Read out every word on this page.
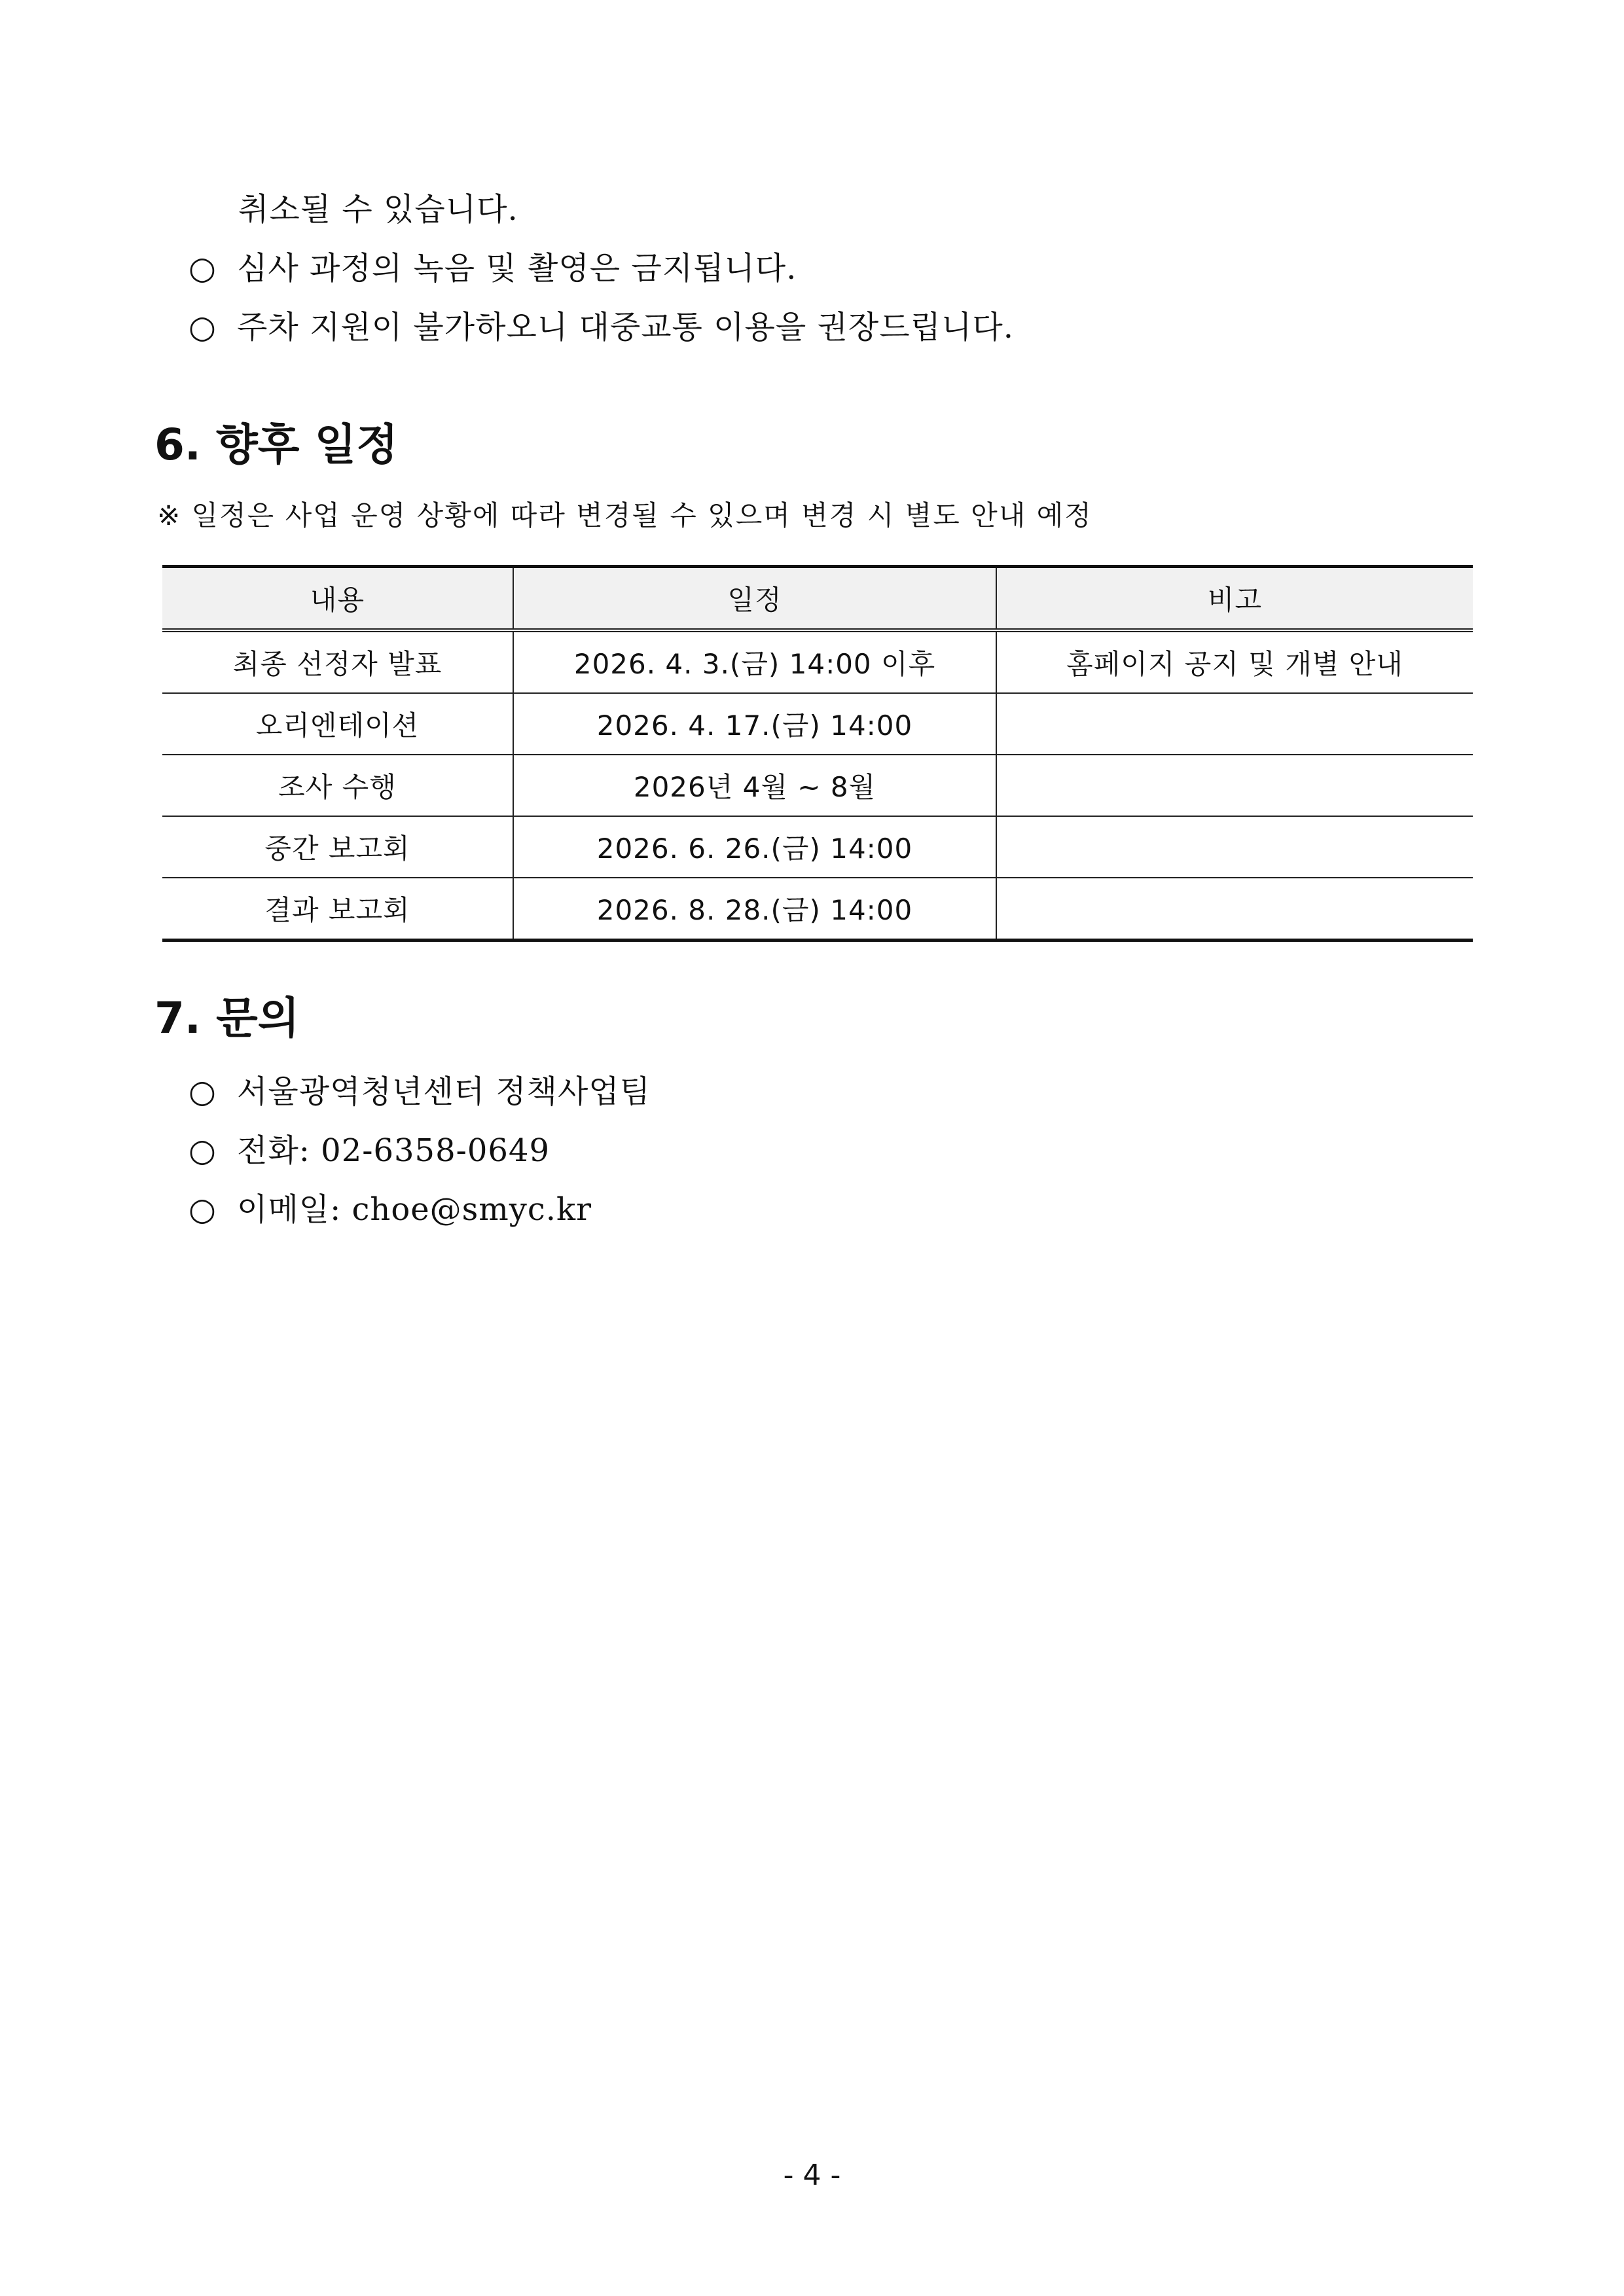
취소될 수 있습니다.
○ 심사 과정의 녹음 및 촬영은 금지됩니다.
○ 주차 지원이 불가하오니 대중교통 이용을 권장드립니다.
6. 향후 일정
※ 일정은 사업 운영 상황에 따라 변경될 수 있으며 변경 시 별도 안내 예정
내용	일정	비고
최종 선정자 발표	2026. 4. 3.(금) 14:00 이후	홈페이지 공지 및 개별 안내
오리엔테이션	2026. 4. 17.(금) 14:00	
조사 수행	2026년 4월 ~ 8월	
중간 보고회	2026. 6. 26.(금) 14:00	
결과 보고회	2026. 8. 28.(금) 14:00	
7. 문의
○ 서울광역청년센터 정책사업팀
○ 전화: 02-6358-0649
○ 이메일: choe@smyc.kr
- 4 -
